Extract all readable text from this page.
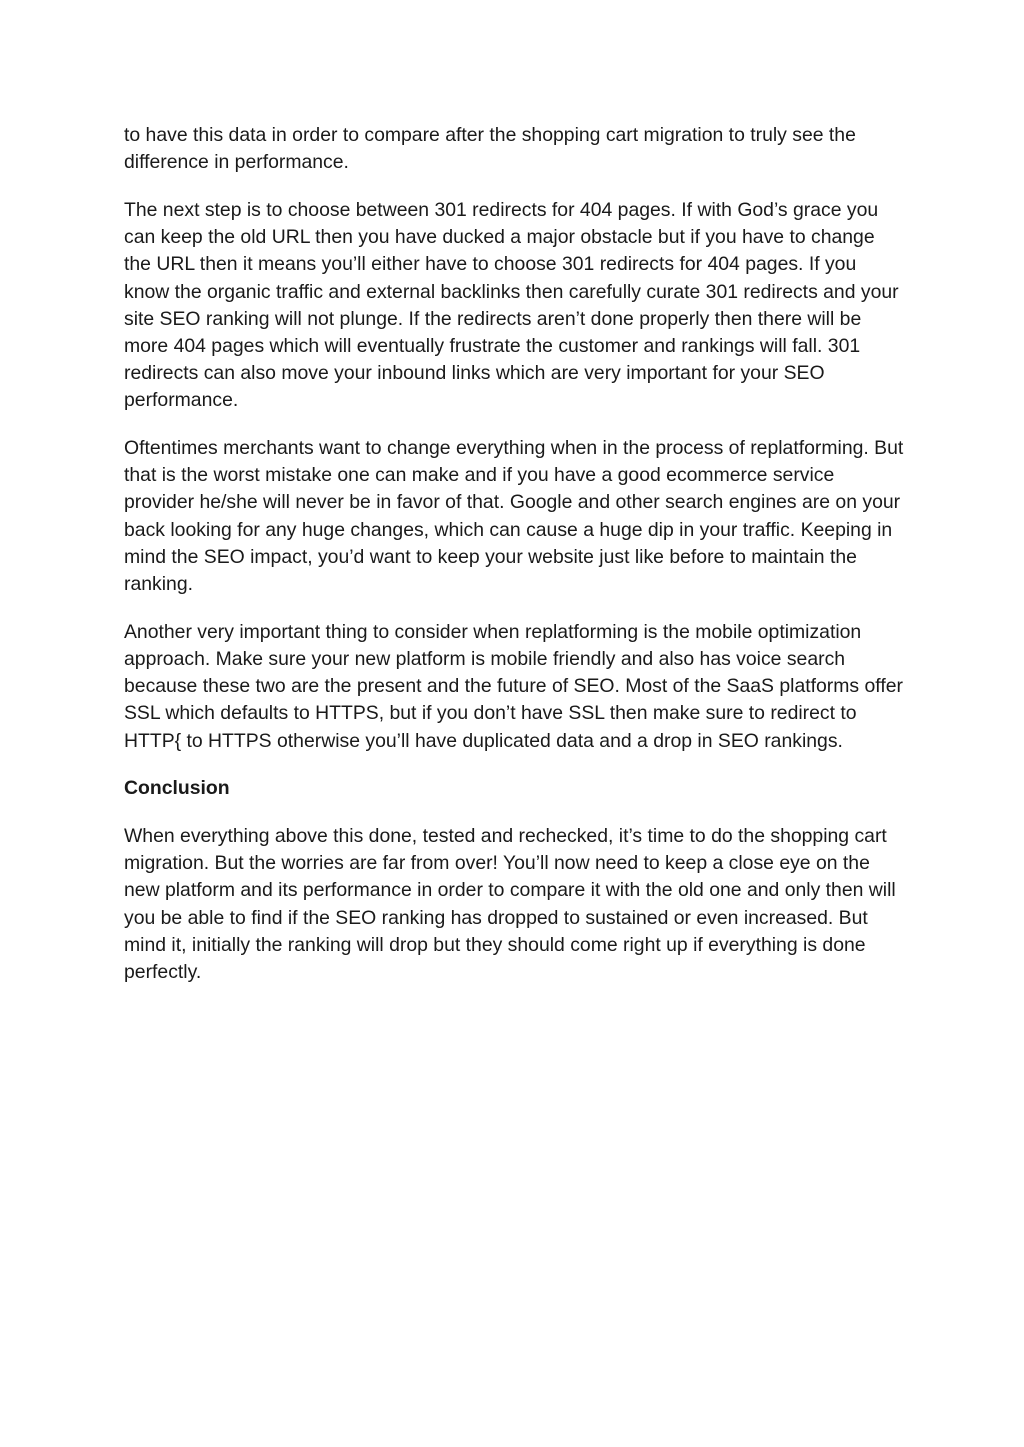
to have this data in order to compare after the shopping cart migration to truly see the difference in performance.

The next step is to choose between 301 redirects for 404 pages. If with God’s grace you can keep the old URL then you have ducked a major obstacle but if you have to change the URL then it means you’ll either have to choose 301 redirects for 404 pages. If you know the organic traffic and external backlinks then carefully curate 301 redirects and your site SEO ranking will not plunge. If the redirects aren’t done properly then there will be more 404 pages which will eventually frustrate the customer and rankings will fall. 301 redirects can also move your inbound links which are very important for your SEO performance.

Oftentimes merchants want to change everything when in the process of replatforming. But that is the worst mistake one can make and if you have a good ecommerce service provider he/she will never be in favor of that. Google and other search engines are on your back looking for any huge changes, which can cause a huge dip in your traffic. Keeping in mind the SEO impact, you’d want to keep your website just like before to maintain the ranking.

Another very important thing to consider when replatforming is the mobile optimization approach. Make sure your new platform is mobile friendly and also has voice search because these two are the present and the future of SEO. Most of the SaaS platforms offer SSL which defaults to HTTPS, but if you don’t have SSL then make sure to redirect to HTTP{ to HTTPS otherwise you’ll have duplicated data and a drop in SEO rankings.

Conclusion

When everything above this done, tested and rechecked, it’s time to do the shopping cart migration. But the worries are far from over! You’ll now need to keep a close eye on the new platform and its performance in order to compare it with the old one and only then will you be able to find if the SEO ranking has dropped to sustained or even increased. But mind it, initially the ranking will drop but they should come right up if everything is done perfectly.
